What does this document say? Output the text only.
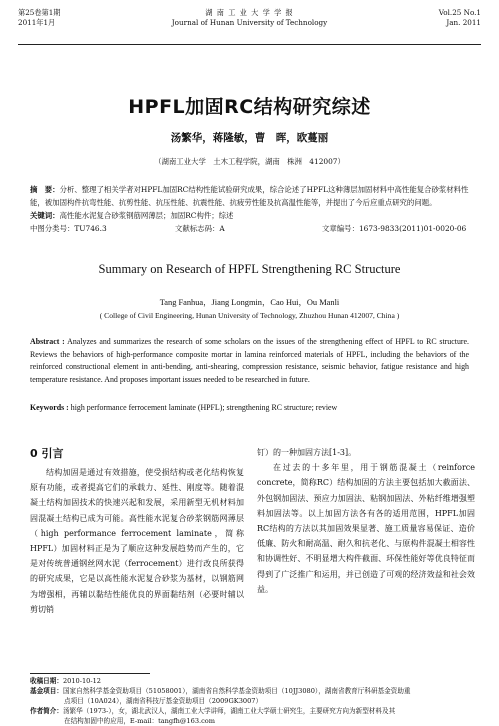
第25卷第1期
2011年1月
湖 南 工 业 大 学 学 报
Journal of Hunan University of Technology
Vol.25 No.1
Jan. 2011
HPFL加固RC结构研究综述
汤繁华，蒋隆敏，曹　晖，欧蔓丽
（湖南工业大学　土木工程学院，湖南　株洲　412007）
摘　要：分析、整理了相关学者对HPFL加固RC结构性能试验研究成果，综合论述了HPFL这种薄层加固材料中高性能复合砂浆材料性能，被加固构件抗弯性能、抗剪性能、抗压性能、抗震性能、抗疲劳性能及抗高温性能等，并提出了今后应重点研究的问题。
关键词：高性能水泥复合砂浆钢筋网薄层；加固RC构件；综述
中图分类号：TU746.3	文献标志码：A	文章编号：1673-9833(2011)01-0020-06
Summary on Research of HPFL Strengthening RC Structure
Tang Fanhua，Jiang Longmin，Cao Hui，Ou Manli
( College of Civil Engineering, Hunan University of Technology, Zhuzhou Hunan 412007, China )
Abstract : Analyzes and summarizes the research of some scholars on the issues of the strengthening effect of HPFL to RC structure. Reviews the behaviors of high-performance composite mortar in lamina reinforced materials of HPFL, including the behaviors of the reinforced constructional element in anti-bending, anti-shearing, compression resistance, seismic behavior, fatigue resistance and high temperature resistance. And proposes important issues needed to be researched in future.
Keywords : high performance ferrocement laminate (HPFL); strengthening RC structure; review
0 引言
结构加固是通过有效措施，使受损结构或老化结构恢复原有功能，或者提高它们的承载力、延性、刚度等。随着混凝土结构加固技术的快速兴起和发展，采用新型无机材料加固混凝土结构已成为可能。高性能水泥复合砂浆钢筋网薄层（high performance ferrocement laminate，简称HPFL）加固材料正是为了顺应这种发展趋势而产生的，它是对传统普通钢丝网水泥（ferrocement）进行改良所获得的研究成果，它是以高性能水泥复合砂浆为基材，以钢筋网为增强相，再辅以黏结性能优良的界面黏结剂（必要时辅以剪切销
钉）的一种加固方法[1-3]。
在过去的十多年里，用于钢筋混凝土（reinforce concrete，简称RC）结构加固的方法主要包括加大截面法、外包钢加固法、预应力加固法、粘钢加固法、外粘纤维增强塑料加固法等。以上加固方法各有各的适用范围，HPFL加固RC结构的方法以其加固效果显著、施工质量容易保证、造价低廉、防火和耐高温、耐久和抗老化、与原构件混凝土相容性和协调性好、不明显增大构件截面、环保性能好等优良特征而得到了广泛推广和运用，并已创造了可观的经济效益和社会效益。
收稿日期： 2010-10-12
基金项目： 国家自然科学基金资助项目（51058001），湖南省自然科学基金资助项目（10JJ3080），湖南省教育厅科研基金资助重
点项目（10A024），湖南省科技厅基金资助项目（2009GK3007）
作者简介： 汤繁华（1973-），女，湖北武汉人，湖南工业大学讲师，湖南工业大学硕士研究生，主要研究方向为新型材料及其
在结构加固中的应用，E-mail：tangfh@163.com
